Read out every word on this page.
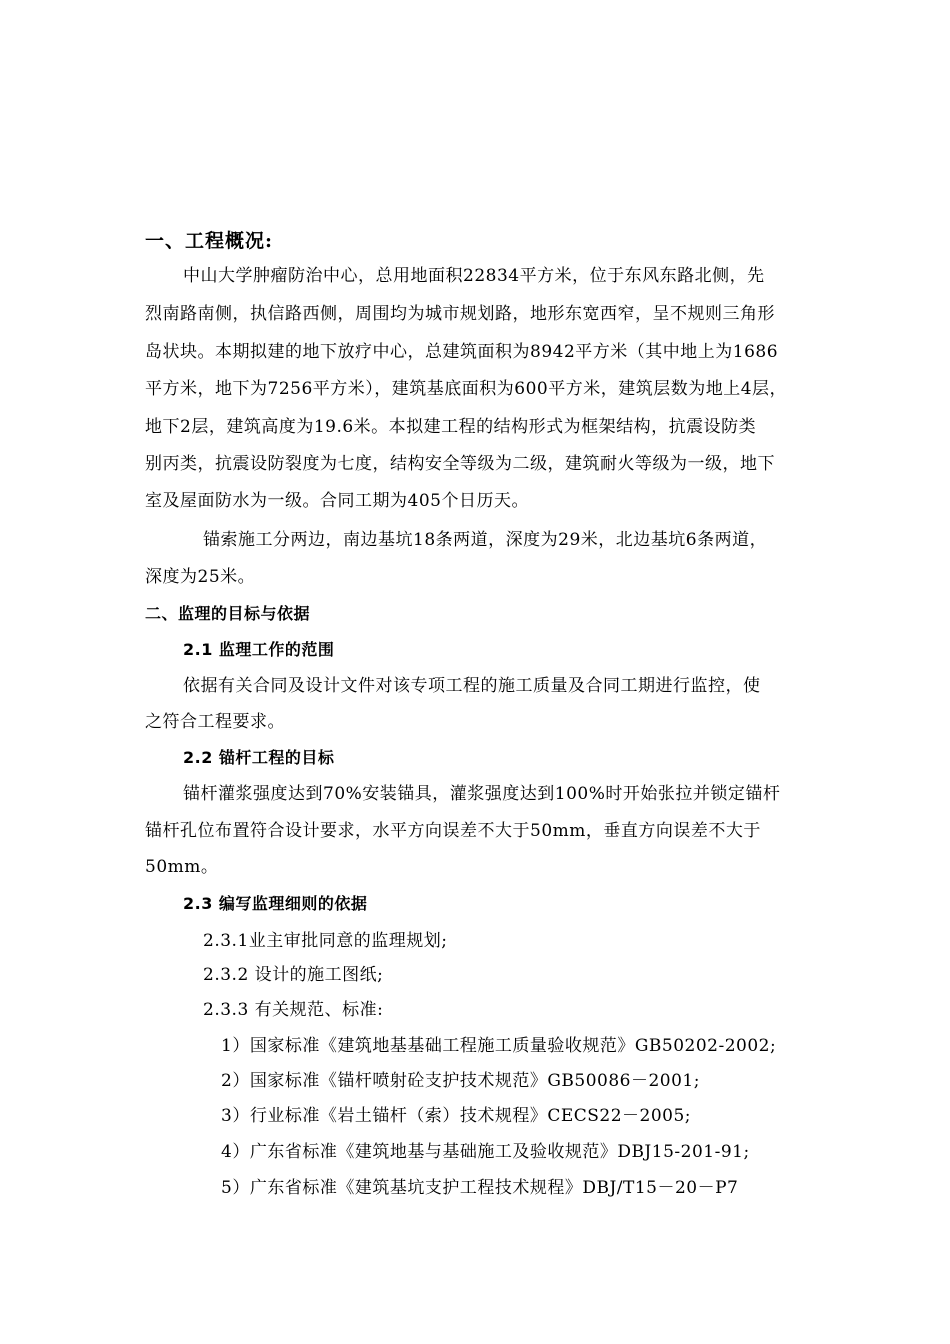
一、工程概况:
中山大学肿瘤防治中心，总用地面积22834平方米，位于东风东路北侧，先
烈南路南侧，执信路西侧，周围均为城市规划路，地形东宽西窄，呈不规则三角形
岛状块。本期拟建的地下放疗中心，总建筑面积为8942平方米（其中地上为1686
平方米，地下为7256平方米），建筑基底面积为600平方米，建筑层数为地上4层，
地下2层，建筑高度为19.6米。本拟建工程的结构形式为框架结构，抗震设防类
别丙类，抗震设防裂度为七度，结构安全等级为二级，建筑耐火等级为一级，地下
室及屋面防水为一级。合同工期为405个日历天。
锚索施工分两边，南边基坑18条两道，深度为29米，北边基坑6条两道，
深度为25米。
二、监理的目标与依据
2.1 监理工作的范围
依据有关合同及设计文件对该专项工程的施工质量及合同工期进行监控，使
之符合工程要求。
2.2 锚杆工程的目标
锚杆灌浆强度达到70%安装锚具，灌浆强度达到100%时开始张拉并锁定锚杆
锚杆孔位布置符合设计要求，水平方向误差不大于50mm，垂直方向误差不大于
50mm。
2.3 编写监理细则的依据
2.3.1业主审批同意的监理规划;
2.3.2 设计的施工图纸;
2.3.3 有关规范、标准:
1）国家标准《建筑地基基础工程施工质量验收规范》GB50202-2002;
2）国家标准《锚杆喷射砼支护技术规范》GB50086－2001;
3）行业标准《岩土锚杆（索）技术规程》CECS22－2005;
4）广东省标准《建筑地基与基础施工及验收规范》DBJ15-201-91;
5）广东省标准《建筑基坑支护工程技术规程》DBJ/T15－20－P7
